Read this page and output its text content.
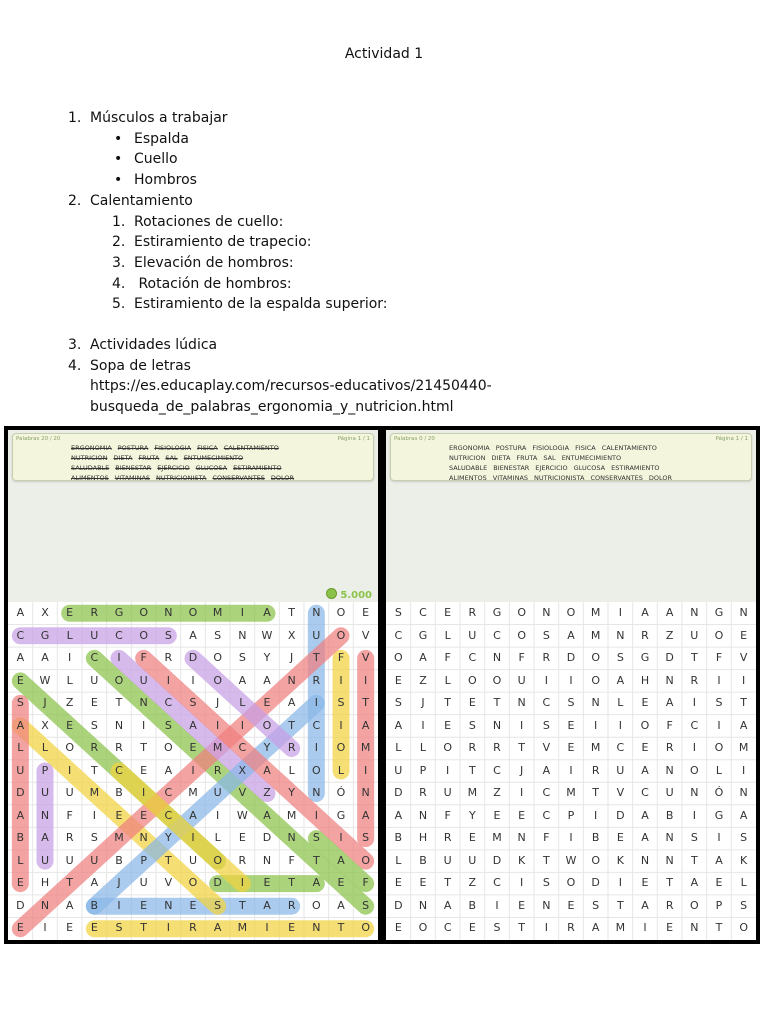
Actividad 1
1. Músculos a trabajar
• Espalda
• Cuello
• Hombros
2. Calentamiento
1. Rotaciones de cuello:
2. Estiramiento de trapecio:
3. Elevación de hombros:
4. Rotación de hombros:
5. Estiramiento de la espalda superior:
3. Actividades lúdica
4. Sopa de letras
https://es.educaplay.com/recursos-educativos/21450440-
busqueda_de_palabras_ergonomia_y_nutricion.html
Palabras 20 / 20	Página 1 / 1
ERGONOMIA POSTURA FISIOLOGIA FISICA CALENTAMIENTO
NUTRICION DIETA FRUTA SAL ENTUMECIMIENTO
SALUDABLE BIENESTAR EJERCICIO GLUCOSA ESTIRAMIENTO
ALIMENTOS VITAMINAS NUTRICIONISTA CONSERVANTES DOLOR
5.000
A	X	E	R	G	O	N	O	M	I	A	T	N	O	E
C	G	L	U	C	O	S	A	S	N	W	X	U	O	V
A	A	I	C	I	F	R	D	O	S	Y	J	T	F	V
E	W	L	U	O	U	I	I	O	A	A	N	R	I	I
S	J	Z	E	T	N	C	S	J	L	E	A	I	S	T
A	X	E	S	N	I	S	A	I	I	O	T	C	I	A
L	L	O	R	R	T	O	E	M	C	Y	R	I	O	M
U	P	I	T	C	E	A	I	R	X	A	L	O	L	I
D	U	U	M	B	I	C	M	U	V	Z	Y	N	Ó	N
A	N	F	I	E	E	C	A	I	W	A	M	I	G	A
B	A	R	S	M	N	Y	I	L	E	D	N	S	I	S
L	U	U	U	B	P	T	U	O	R	N	F	T	A	O
E	H	T	A	J	U	V	O	D	I	E	T	A	E	F
D	N	A	B	I	E	N	E	S	T	A	R	O	A	S
E	I	E	E	S	T	I	R	A	M	I	E	N	T	O
Palabras 0 / 20	Página 1 / 1
ERGONOMIA POSTURA FISIOLOGIA FISICA CALENTAMIENTO
NUTRICION DIETA FRUTA SAL ENTUMECIMIENTO
SALUDABLE BIENESTAR EJERCICIO GLUCOSA ESTIRAMIENTO
ALIMENTOS VITAMINAS NUTRICIONISTA CONSERVANTES DOLOR
S	C	E	R	G	O	N	O	M	I	A	A	N	G	N
C	G	L	U	C	O	S	A	M	N	R	Z	U	O	E
O	A	F	C	N	F	R	D	O	S	G	D	T	F	V
E	Z	L	O	O	U	I	I	O	A	H	N	R	I	I
S	J	T	E	T	N	C	S	N	L	E	A	I	S	T
A	I	E	S	N	I	S	E	I	I	O	F	C	I	A
L	L	O	R	R	T	V	E	M	C	E	R	I	O	M
U	P	I	T	C	J	A	I	R	U	A	N	O	L	I
D	R	U	M	Z	I	C	M	T	V	C	U	N	Ó	N
A	N	F	Y	E	E	C	P	I	D	A	B	I	G	A
B	H	R	E	M	N	F	I	B	E	A	N	S	I	S
L	B	U	U	D	K	T	W	O	K	N	N	T	A	K
E	E	T	Z	C	I	S	O	D	I	E	T	A	E	L
D	N	A	B	I	E	N	E	S	T	A	R	O	P	S
E	O	C	E	S	T	I	R	A	M	I	E	N	T	O
